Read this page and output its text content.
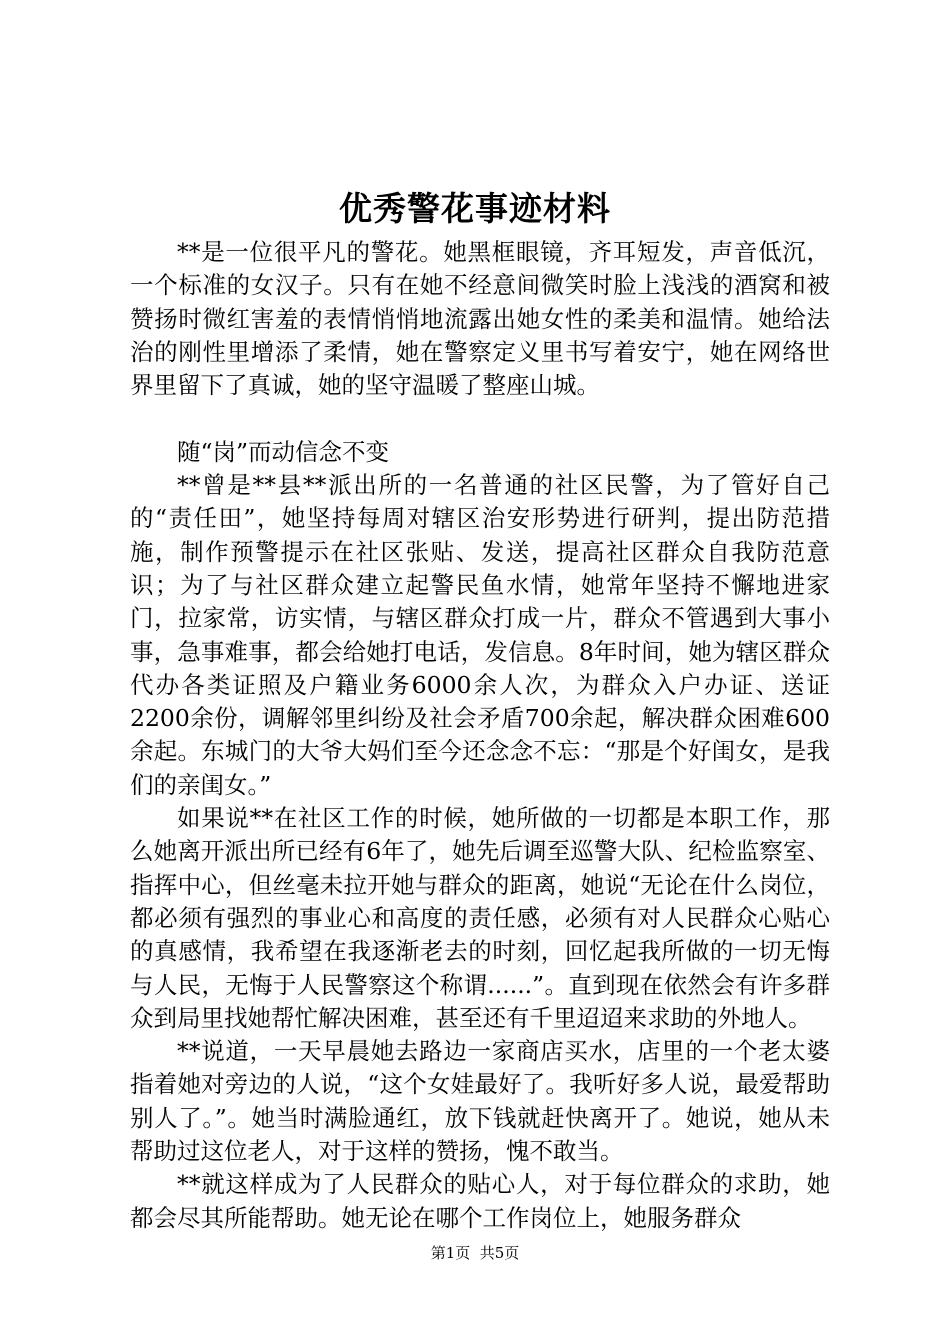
优秀警花事迹材料

**是一位很平凡的警花。她黑框眼镜，齐耳短发，声音低沉，一个标准的女汉子。只有在她不经意间微笑时脸上浅浅的酒窝和被赞扬时微红害羞的表情悄悄地流露出她女性的柔美和温情。她给法治的刚性里增添了柔情，她在警察定义里书写着安宁，她在网络世界里留下了真诚，她的坚守温暖了整座山城。

随“岗”而动信念不变

**曾是**县**派出所的一名普通的社区民警，为了管好自己的“责任田”，她坚持每周对辖区治安形势进行研判，提出防范措施，制作预警提示在社区张贴、发送，提高社区群众自我防范意识；为了与社区群众建立起警民鱼水情，她常年坚持不懈地进家门，拉家常，访实情，与辖区群众打成一片，群众不管遇到大事小事，急事难事，都会给她打电话，发信息。8年时间，她为辖区群众代办各类证照及户籍业务6000余人次，为群众入户办证、送证2200余份，调解邻里纠纷及社会矛盾700余起，解决群众困难600余起。东城门的大爷大妈们至今还念念不忘：“那是个好闺女，是我们的亲闺女。”

如果说**在社区工作的时候，她所做的一切都是本职工作，那么她离开派出所已经有6年了，她先后调至巡警大队、纪检监察室、指挥中心，但丝毫未拉开她与群众的距离，她说“无论在什么岗位，都必须有强烈的事业心和高度的责任感，必须有对人民群众心贴心的真感情，我希望在我逐渐老去的时刻，回忆起我所做的一切无悔与人民，无悔于人民警察这个称谓......”。直到现在依然会有许多群众到局里找她帮忙解决困难，甚至还有千里迢迢来求助的外地人。

**说道，一天早晨她去路边一家商店买水，店里的一个老太婆指着她对旁边的人说，“这个女娃最好了。我听好多人说，最爱帮助别人了。”。她当时满脸通红，放下钱就赶快离开了。她说，她从未帮助过这位老人，对于这样的赞扬，愧不敢当。

**就这样成为了人民群众的贴心人，对于每位群众的求助，她都会尽其所能帮助。她无论在哪个工作岗位上，她服务群众

第1页  共5页
